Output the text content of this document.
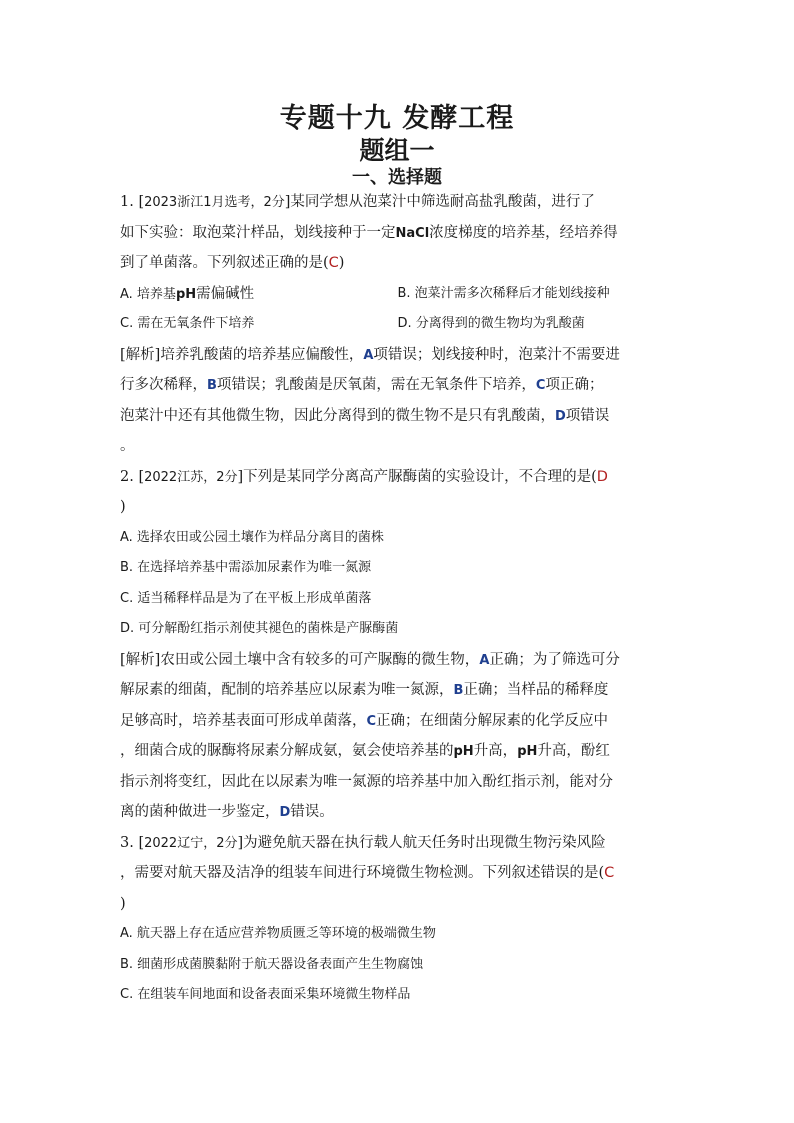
专题十九 发酵工程
题组一
一、选择题
1. [2023浙江1月选考，2分]某同学想从泡菜汁中筛选耐高盐乳酸菌，进行了
如下实验：取泡菜汁样品，划线接种于一定NaCl浓度梯度的培养基，经培养得
到了单菌落。下列叙述正确的是(C)
A. 培养基pH需偏碱性	B. 泡菜汁需多次稀释后才能划线接种
C. 需在无氧条件下培养	D. 分离得到的微生物均为乳酸菌
[解析]培养乳酸菌的培养基应偏酸性，A项错误；划线接种时，泡菜汁不需要进
行多次稀释，B项错误；乳酸菌是厌氧菌，需在无氧条件下培养，C项正确；
泡菜汁中还有其他微生物，因此分离得到的微生物不是只有乳酸菌，D项错误
。
2. [2022江苏，2分]下列是某同学分离高产脲酶菌的实验设计，不合理的是(D
)
A. 选择农田或公园土壤作为样品分离目的菌株
B. 在选择培养基中需添加尿素作为唯一氮源
C. 适当稀释样品是为了在平板上形成单菌落
D. 可分解酚红指示剂使其褪色的菌株是产脲酶菌
[解析]农田或公园土壤中含有较多的可产脲酶的微生物，A正确；为了筛选可分
解尿素的细菌，配制的培养基应以尿素为唯一氮源，B正确；当样品的稀释度
足够高时，培养基表面可形成单菌落，C正确；在细菌分解尿素的化学反应中
，细菌合成的脲酶将尿素分解成氨，氨会使培养基的pH升高，pH升高，酚红
指示剂将变红，因此在以尿素为唯一氮源的培养基中加入酚红指示剂，能对分
离的菌种做进一步鉴定，D错误。
3. [2022辽宁，2分]为避免航天器在执行载人航天任务时出现微生物污染风险
，需要对航天器及洁净的组装车间进行环境微生物检测。下列叙述错误的是(C
)
A. 航天器上存在适应营养物质匮乏等环境的极端微生物
B. 细菌形成菌膜黏附于航天器设备表面产生生物腐蚀
C. 在组装车间地面和设备表面采集环境微生物样品
